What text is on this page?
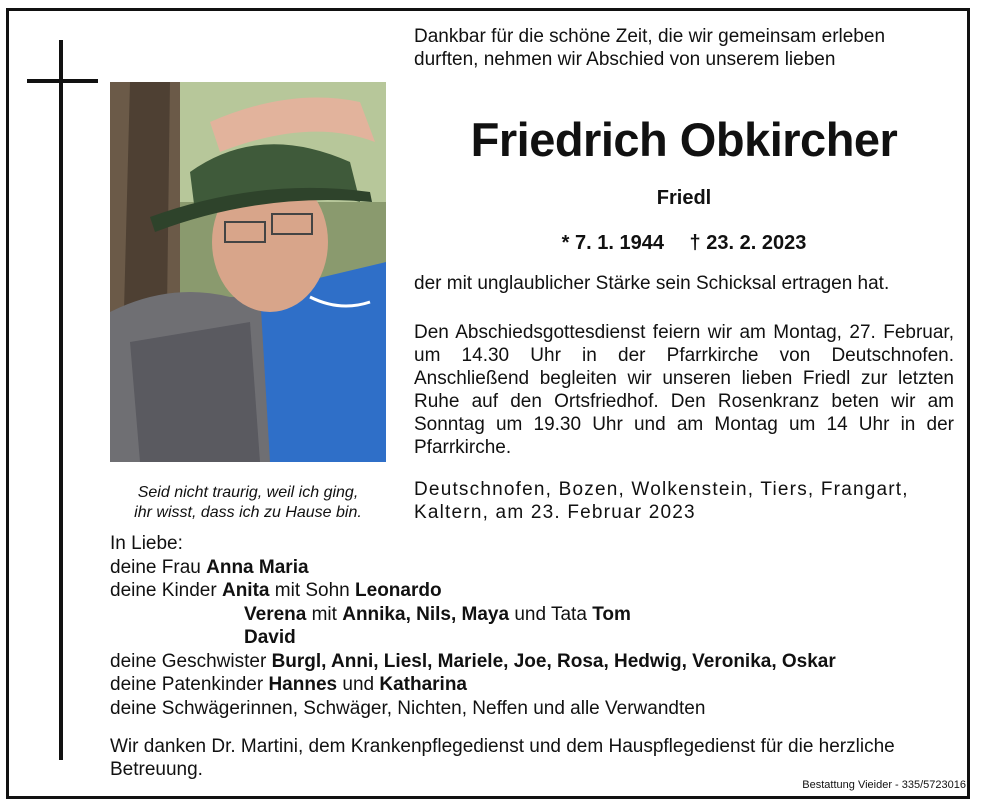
Seid nicht traurig, weil ich ging,
ihr wisst, dass ich zu Hause bin.
Dankbar für die schöne Zeit, die wir gemeinsam erleben durften, nehmen wir Abschied von unserem lieben
Friedrich Obkircher
Friedl
* 7. 1. 1944 † 23. 2. 2023
der mit unglaublicher Stärke sein Schicksal ertragen hat.
Den Abschiedsgottesdienst feiern wir am Montag, 27. Februar, um 14.30 Uhr in der Pfarrkirche von Deutschnofen. Anschließend begleiten wir unseren lieben Friedl zur letzten Ruhe auf den Ortsfriedhof. Den Rosenkranz beten wir am Sonntag um 19.30 Uhr und am Montag um 14 Uhr in der Pfarrkirche.
Deutschnofen, Bozen, Wolkenstein, Tiers, Frangart, Kaltern, am 23. Februar 2023
In Liebe:
deine Frau Anna Maria
deine Kinder Anita mit Sohn Leonardo
Verena mit Annika, Nils, Maya und Tata Tom
David
deine Geschwister Burgl, Anni, Liesl, Mariele, Joe, Rosa, Hedwig, Veronika, Oskar
deine Patenkinder Hannes und Katharina
deine Schwägerinnen, Schwäger, Nichten, Neffen und alle Verwandten
Wir danken Dr. Martini, dem Krankenpflegedienst und dem Hauspflegedienst für die herzliche Betreuung.
Bestattung Vieider - 335/5723016
